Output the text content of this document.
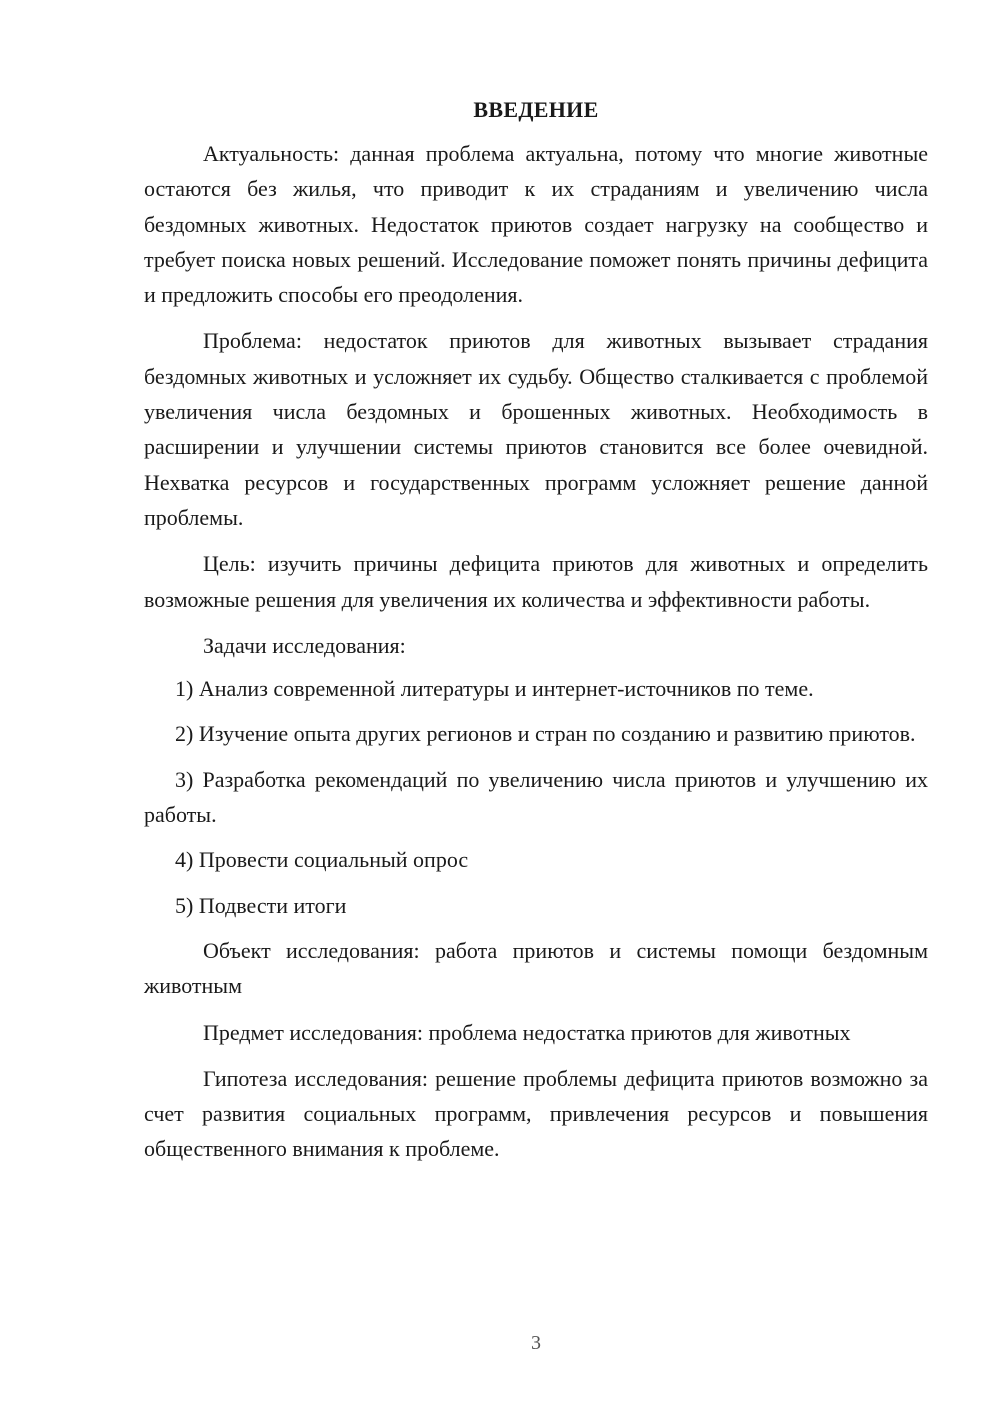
ВВЕДЕНИЕ

Актуальность: данная проблема актуальна, потому что многие животные остаются без жилья, что приводит к их страданиям и увеличению числа бездомных животных. Недостаток приютов создает нагрузку на сообщество и требует поиска новых решений. Исследование поможет понять причины дефицита и предложить способы его преодоления.

Проблема: недостаток приютов для животных вызывает страдания бездомных животных и усложняет их судьбу. Общество сталкивается с проблемой увеличения числа бездомных и брошенных животных. Необходимость в расширении и улучшении системы приютов становится все более очевидной. Нехватка ресурсов и государственных программ усложняет решение данной проблемы.

Цель: изучить причины дефицита приютов для животных и определить возможные решения для увеличения их количества и эффективности работы.

Задачи исследования:

1) Анализ современной литературы и интернет-источников по теме.

2) Изучение опыта других регионов и стран по созданию и развитию приютов.

3) Разработка рекомендаций по увеличению числа приютов и улучшению их работы.

4) Провести социальный опрос

5) Подвести итоги

Объект исследования: работа приютов и системы помощи бездомным животным

Предмет исследования: проблема недостатка приютов для животных

Гипотеза исследования: решение проблемы дефицита приютов возможно за счет развития социальных программ, привлечения ресурсов и повышения общественного внимания к проблеме.

3
